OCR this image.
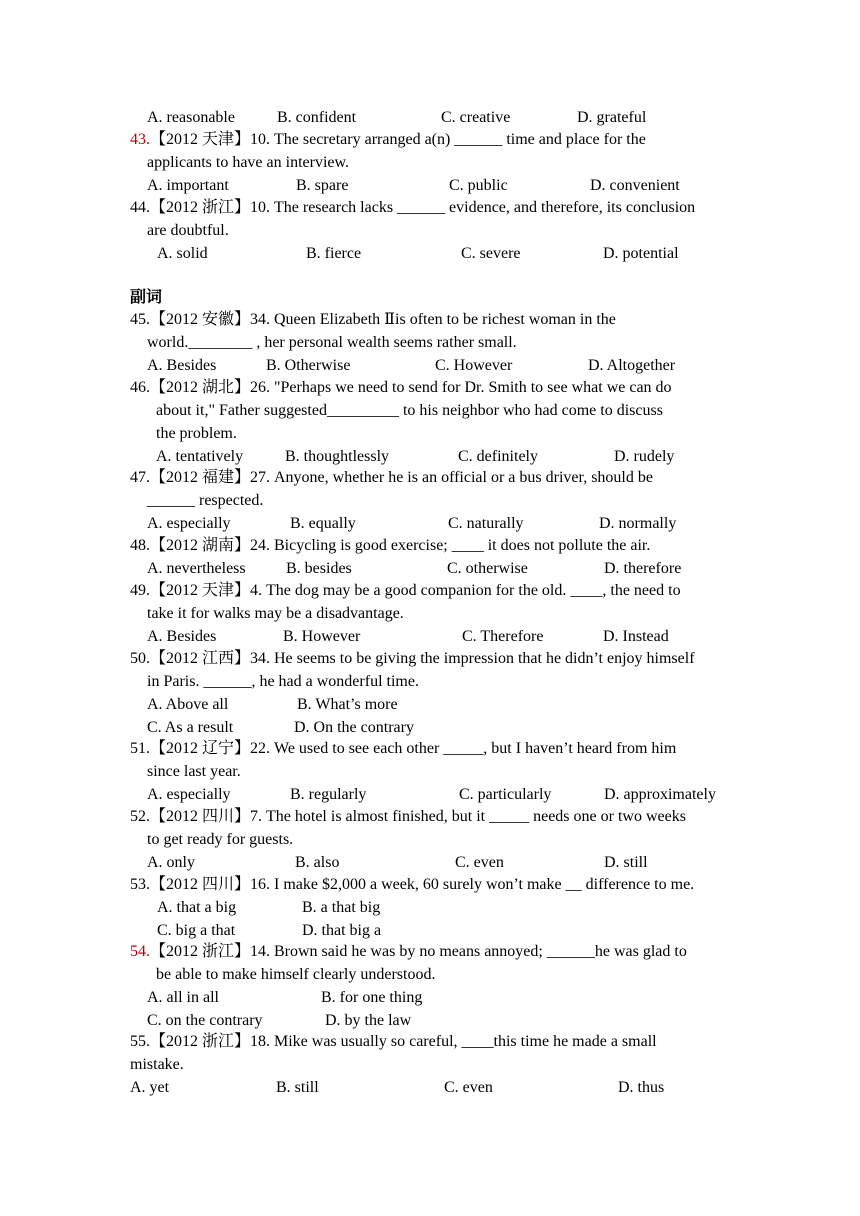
A. reasonable	B. confident	C. creative	D. grateful
43.【2012 天津】10. The secretary arranged a(n) ______ time and place for the
applicants to have an interview.
A. important	B. spare	C. public	D. convenient
44.【2012 浙江】10. The research lacks ______ evidence, and therefore, its conclusion
are doubtful.
A. solid	B. fierce	C. severe	D. potential
副词
45.【2012 安徽】34. Queen Elizabeth Ⅱis often to be richest woman in the
world.________ , her personal wealth seems rather small.
A. Besides	B. Otherwise	C. However	D. Altogether
46.【2012 湖北】26. "Perhaps we need to send for Dr. Smith to see what we can do
about it," Father suggested_________ to his neighbor who had come to discuss
the problem.
A. tentatively	B. thoughtlessly	C. definitely	D. rudely
47.【2012 福建】27. Anyone, whether he is an official or a bus driver, should be
______ respected.
A. especially	B. equally	C. naturally	D. normally
48.【2012 湖南】24. Bicycling is good exercise; ____ it does not pollute the air.
A. nevertheless	B. besides	C. otherwise	D. therefore
49.【2012 天津】4. The dog may be a good companion for the old. ____, the need to
take it for walks may be a disadvantage.
A. Besides	B. However	C. Therefore	D. Instead
50.【2012 江西】34. He seems to be giving the impression that he didn’t enjoy himself
in Paris. ______, he had a wonderful time.
A. Above all	B. What’s more
C. As a result	D. On the contrary
51.【2012 辽宁】22. We used to see each other _____, but I haven’t heard from him
since last year.
A. especially	B. regularly	C. particularly	D. approximately
52.【2012 四川】7. The hotel is almost finished, but it _____ needs one or two weeks
to get ready for guests.
A. only	B. also	C. even	D. still
53.【2012 四川】16. I make $2,000 a week, 60 surely won’t make __ difference to me.
A. that a big	B. a that big
C. big a that	D. that big a
54.【2012 浙江】14. Brown said he was by no means annoyed; ______he was glad to
be able to make himself clearly understood.
A. all in all	B. for one thing
C. on the contrary	D. by the law
55.【2012 浙江】18. Mike was usually so careful, ____this time he made a small
mistake.
A. yet	B. still	C. even	D. thus
